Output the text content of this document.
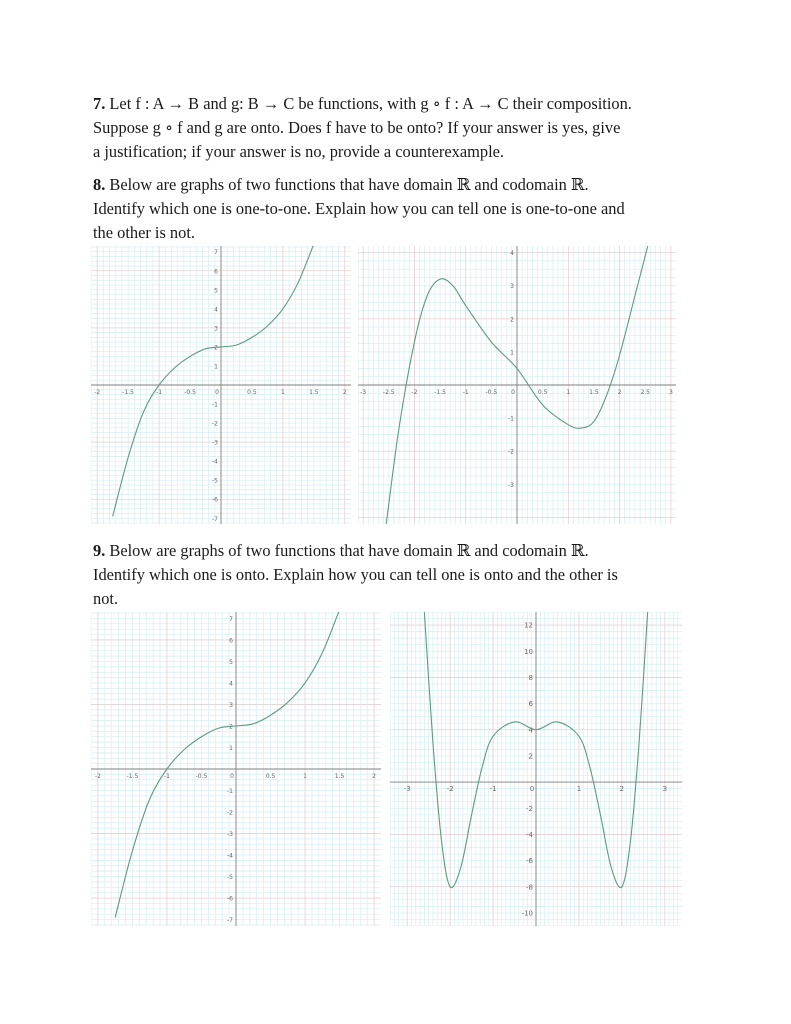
7. Let f : A → B and g: B → C be functions, with g ∘ f : A → C their composition.
Suppose g ∘ f and g are onto. Does f have to be onto? If your answer is yes, give
a justification; if your answer is no, provide a counterexample.
8. Below are graphs of two functions that have domain ℝ and codomain ℝ.
Identify which one is one-to-one. Explain how you can tell one is one-to-one and
the other is not.
-2	-1.5	-1	-0.5	0	0.5	1	1.5	2
-7
-6
-5
-4
-3
-2
-1
1
2
3
4
5
6
7
-3	-2.5	-2	-1.5	-1	-0.5 0	0.5	1	1.5	2	2.5	3
-3
-2
-1
1
2
3
4
9. Below are graphs of two functions that have domain ℝ and codomain ℝ.
Identify which one is onto. Explain how you can tell one is onto and the other is
not.
-2	-1.5	-1	-0.5	0	0.5	1	1.5	2
-7
-6
-5
-4
-3
-2
-1
1
2
3
4
5
6
7
-3	-2	-1	0	1	2	3
-10
-8
-6
-4
-2
2
4
6
8
10
12
